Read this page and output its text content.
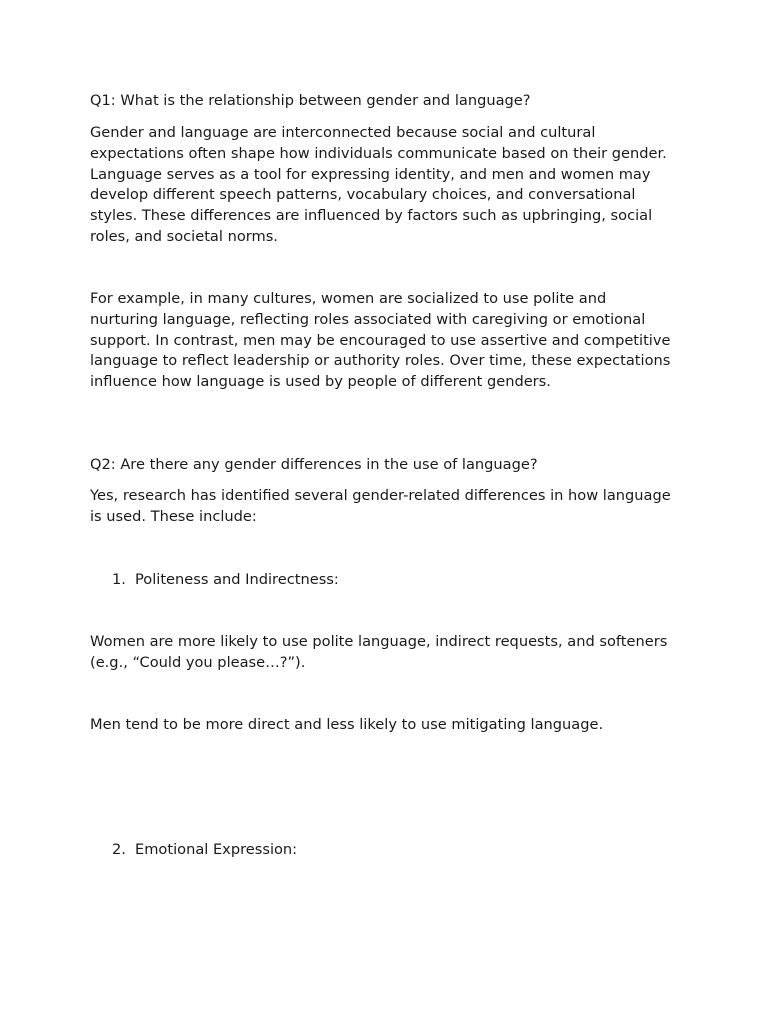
Q1: What is the relationship between gender and language?

Gender and language are interconnected because social and cultural expectations often shape how individuals communicate based on their gender. Language serves as a tool for expressing identity, and men and women may develop different speech patterns, vocabulary choices, and conversational styles. These differences are influenced by factors such as upbringing, social roles, and societal norms.

For example, in many cultures, women are socialized to use polite and nurturing language, reflecting roles associated with caregiving or emotional support. In contrast, men may be encouraged to use assertive and competitive language to reflect leadership or authority roles. Over time, these expectations influence how language is used by people of different genders.

Q2: Are there any gender differences in the use of language?

Yes, research has identified several gender-related differences in how language is used. These include:

1. Politeness and Indirectness:

Women are more likely to use polite language, indirect requests, and softeners (e.g., “Could you please…?”).

Men tend to be more direct and less likely to use mitigating language.

2. Emotional Expression:
